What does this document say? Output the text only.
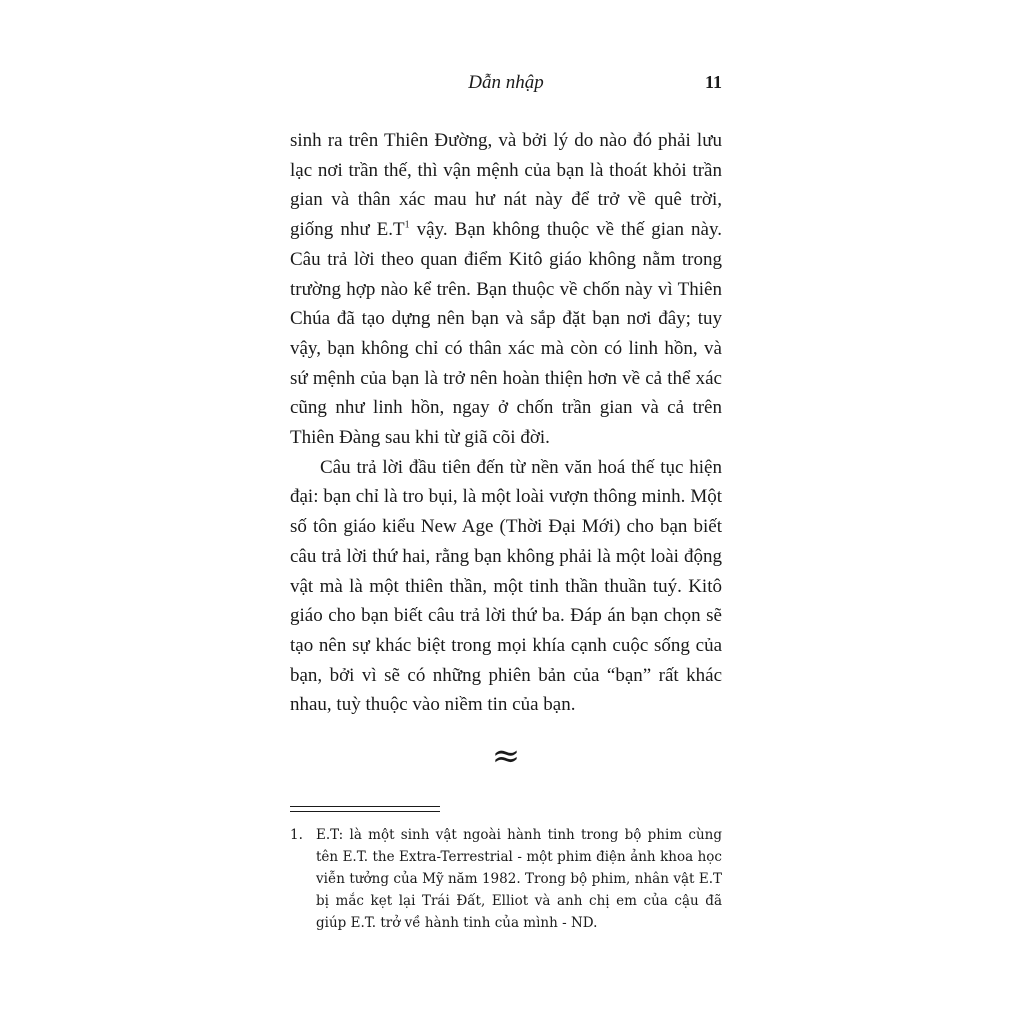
Dẫn nhập	11

sinh ra trên Thiên Đường, và bởi lý do nào đó phải lưu lạc nơi trần thế, thì vận mệnh của bạn là thoát khỏi trần gian và thân xác mau hư nát này để trở về quê trời, giống như $E.T^1$ vậy. Bạn không thuộc về thế gian này. Câu trả lời theo quan điểm Kitô giáo không nằm trong trường hợp nào kể trên. Bạn thuộc về chốn này vì Thiên Chúa đã tạo dựng nên bạn và sắp đặt bạn nơi đây; tuy vậy, bạn không chỉ có thân xác mà còn có linh hồn, và sứ mệnh của bạn là trở nên hoàn thiện hơn về cả thể xác cũng như linh hồn, ngay ở chốn trần gian và cả trên Thiên Đàng sau khi từ giã cõi đời.

Câu trả lời đầu tiên đến từ nền văn hoá thế tục hiện đại: bạn chỉ là tro bụi, là một loài vượn thông minh. Một số tôn giáo kiểu New Age (Thời Đại Mới) cho bạn biết câu trả lời thứ hai, rằng bạn không phải là một loài động vật mà là một thiên thần, một tinh thần thuần tuý. Kitô giáo cho bạn biết câu trả lời thứ ba. Đáp án bạn chọn sẽ tạo nên sự khác biệt trong mọi khía cạnh cuộc sống của bạn, bởi vì sẽ có những phiên bản của “bạn” rất khác nhau, tuỳ thuộc vào niềm tin của bạn.

≈
1. E.T: là một sinh vật ngoài hành tinh trong bộ phim cùng tên E.T. the Extra-Terrestrial - một phim điện ảnh khoa học viễn tưởng của Mỹ năm 1982. Trong bộ phim, nhân vật E.T bị mắc kẹt lại Trái Đất, Elliot và anh chị em của cậu đã giúp E.T. trở về hành tinh của mình - ND.
